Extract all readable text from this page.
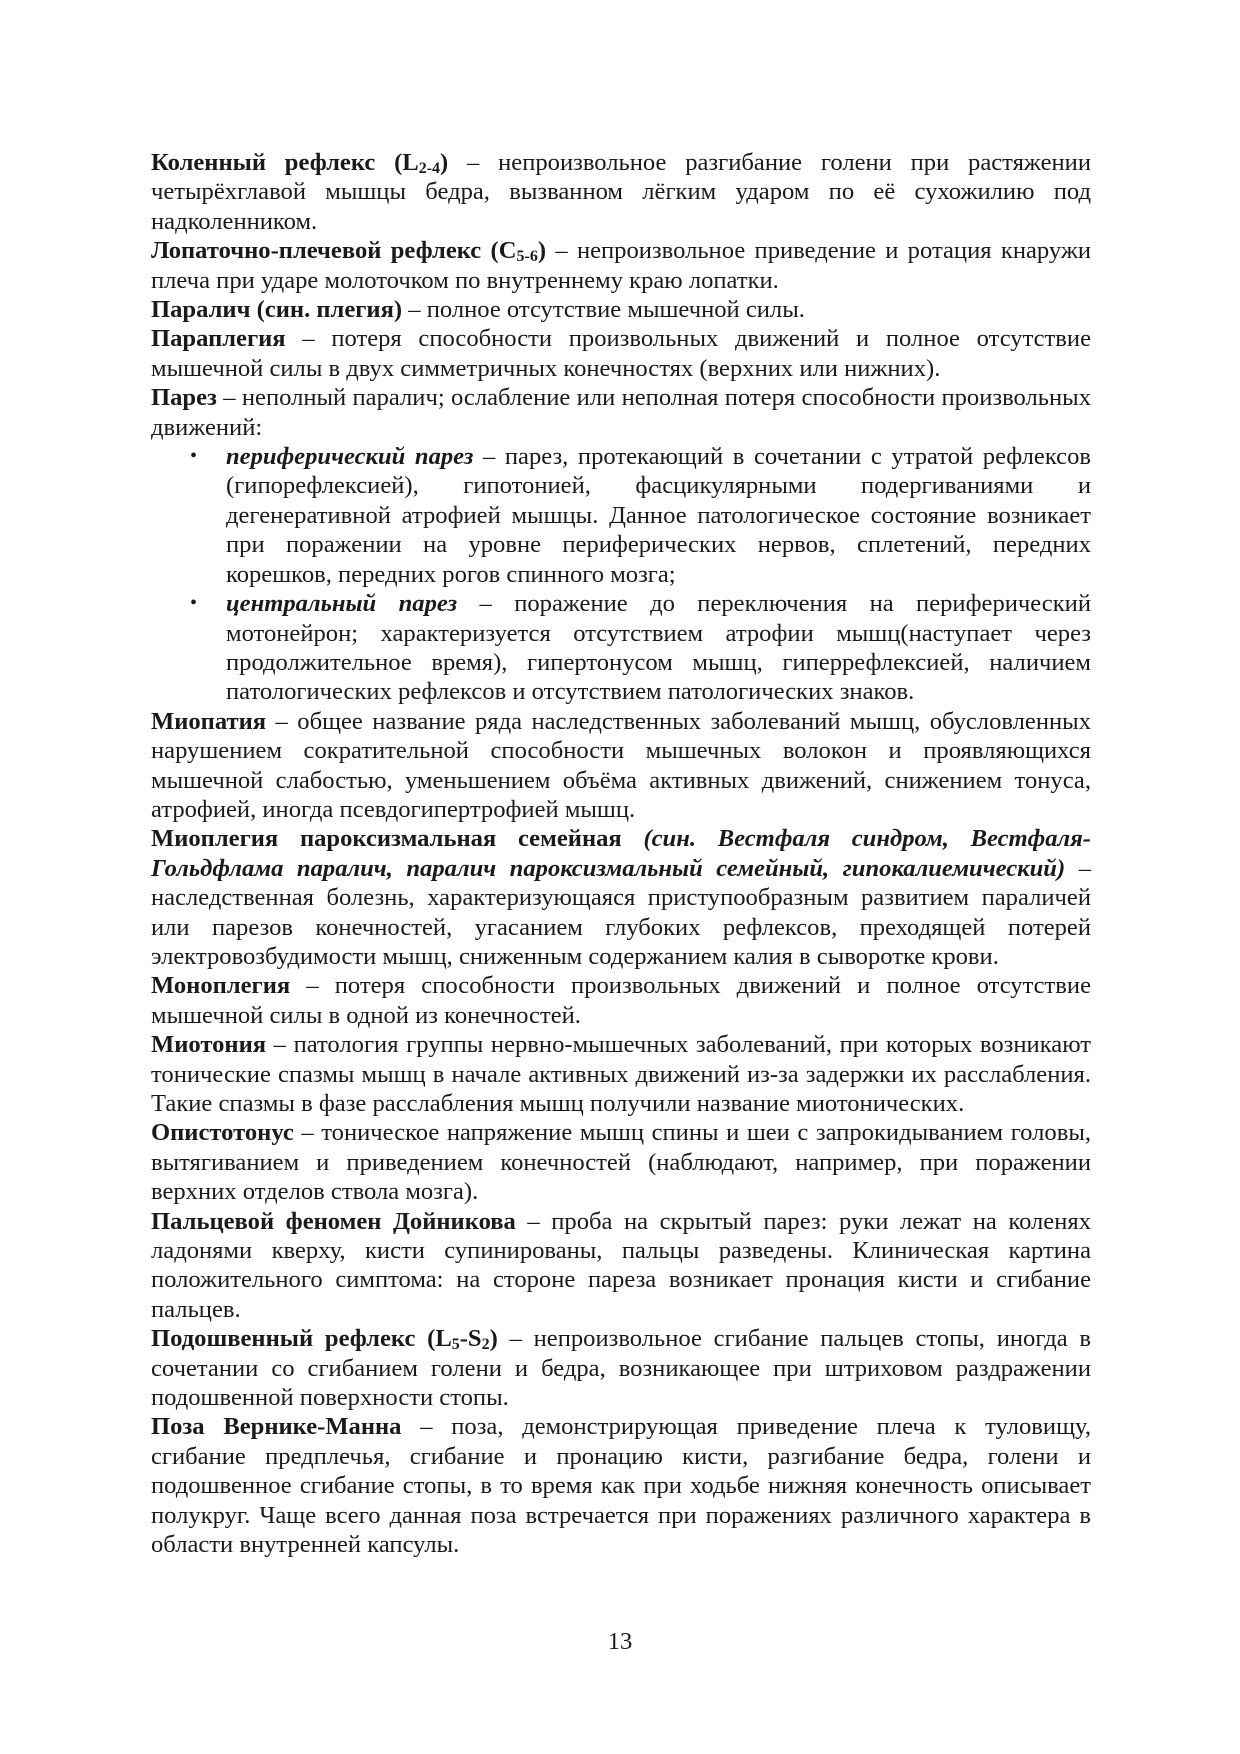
Коленный рефлекс $(L_{2-4})$ – непроизвольное разгибание голени при растяжении четырёхглавой мышцы бедра, вызванном лёгким ударом по её сухожилию под надколенником.

Лопаточно-плечевой рефлекс $(С_{5-6})$ – непроизвольное приведение и ротация кнаружи плеча при ударе молоточком по внутреннему краю лопатки.

Паралич (син. плегия) – полное отсутствие мышечной силы.

Параплегия – потеря способности произвольных движений и полное отсутствие мышечной силы в двух симметричных конечностях (верхних или нижних).

Парез – неполный паралич; ослабление или неполная потеря способности произвольных движений:

• периферический парез – парез, протекающий в сочетании с утратой рефлексов (гипорефлексией), гипотонией, фасцикулярными подергиваниями и дегенеративной атрофией мышцы. Данное патологическое состояние возникает при поражении на уровне периферических нервов, сплетений, передних корешков, передних рогов спинного мозга;
• центральный парез – поражение до переключения на периферический мотонейрон; характеризуется отсутствием атрофии мышц(наступает через продолжительное время), гипертонусом мышц, гиперрефлексией, наличием патологических рефлексов и отсутствием патологических знаков.

Миопатия – общее название ряда наследственных заболеваний мышц, обусловленных нарушением сократительной способности мышечных волокон и проявляющихся мышечной слабостью, уменьшением объёма активных движений, снижением тонуса, атрофией, иногда псевдогипертрофией мышц.

Миоплегия пароксизмальная семейная (син. Вестфаля синдром, Вестфаля-Гольдфлама паралич, паралич пароксизмальный семейный, гипокалиемический) – наследственная болезнь, характеризующаяся приступообразным развитием параличей или парезов конечностей, угасанием глубоких рефлексов, преходящей потерей электровозбудимости мышц, сниженным содержанием калия в сыворотке крови.

Моноплегия – потеря способности произвольных движений и полное отсутствие мышечной силы в одной из конечностей.

Миотония – патология группы нервно-мышечных заболеваний, при которых возникают тонические спазмы мышц в начале активных движений из-за задержки их расслабления. Такие спазмы в фазе расслабления мышц получили название миотонических.

Опистотонус – тоническое напряжение мышц спины и шеи с запрокидыванием головы, вытягиванием и приведением конечностей (наблюдают, например, при поражении верхних отделов ствола мозга).

Пальцевой феномен Дойникова – проба на скрытый парез: руки лежат на коленях ладонями кверху, кисти супинированы, пальцы разведены. Клиническая картина положительного симптома: на стороне пареза возникает пронация кисти и сгибание пальцев.

Подошвенный рефлекс $(L_5-S_2)$ – непроизвольное сгибание пальцев стопы, иногда в сочетании со сгибанием голени и бедра, возникающее при штриховом раздражении подошвенной поверхности стопы.

Поза Вернике-Манна – поза, демонстрирующая приведение плеча к туловищу, сгибание предплечья, сгибание и пронацию кисти, разгибание бедра, голени и подошвенное сгибание стопы, в то время как при ходьбе нижняя конечность описывает полукруг. Чаще всего данная поза встречается при поражениях различного характера в области внутренней капсулы.

13
